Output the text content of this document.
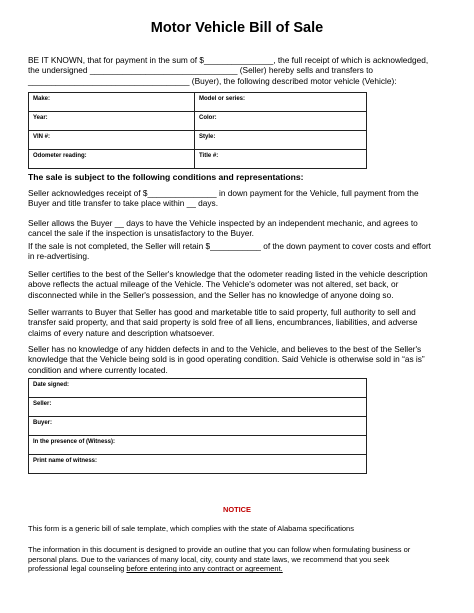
Motor Vehicle Bill of Sale
BE IT KNOWN, that for payment in the sum of $_______________, the full receipt of which is acknowledged,
the undersigned ________________________________ (Seller) hereby sells and transfers to
___________________________________ (Buyer), the following described motor vehicle (Vehicle):
Make:	Model or series:
Year:	Color:
VIN #:	Style:
Odometer reading:	Title #:
The sale is subject to the following conditions and representations:
Seller acknowledges receipt of $_______________ in down payment for the Vehicle, full payment from the
Buyer and title transfer to take place within __ days.
Seller allows the Buyer __ days to have the Vehicle inspected by an independent mechanic, and agrees to
cancel the sale if the inspection is unsatisfactory to the Buyer.
If the sale is not completed, the Seller will retain $___________ of the down payment to cover costs and effort
in re-advertising.
Seller certifies to the best of the Seller's knowledge that the odometer reading listed in the vehicle description
above reflects the actual mileage of the Vehicle. The Vehicle's odometer was not altered, set back, or
disconnected while in the Seller's possession, and the Seller has no knowledge of anyone doing so.
Seller warrants to Buyer that Seller has good and marketable title to said property, full authority to sell and
transfer said property, and that said property is sold free of all liens, encumbrances, liabilities, and adverse
claims of every nature and description whatsoever.
Seller has no knowledge of any hidden defects in and to the Vehicle, and believes to the best of the Seller's
knowledge that the Vehicle being sold is in good operating condition. Said Vehicle is otherwise sold in “as is”
condition and where currently located.
Date signed:
Seller:
Buyer:
In the presence of (Witness):
Print name of witness:
NOTICE
This form is a generic bill of sale template, which complies with the state of Alabama specifications
The information in this document is designed to provide an outline that you can follow when formulating business or
personal plans. Due to the variances of many local, city, county and state laws, we recommend that you seek
professional legal counseling before entering into any contract or agreement.
